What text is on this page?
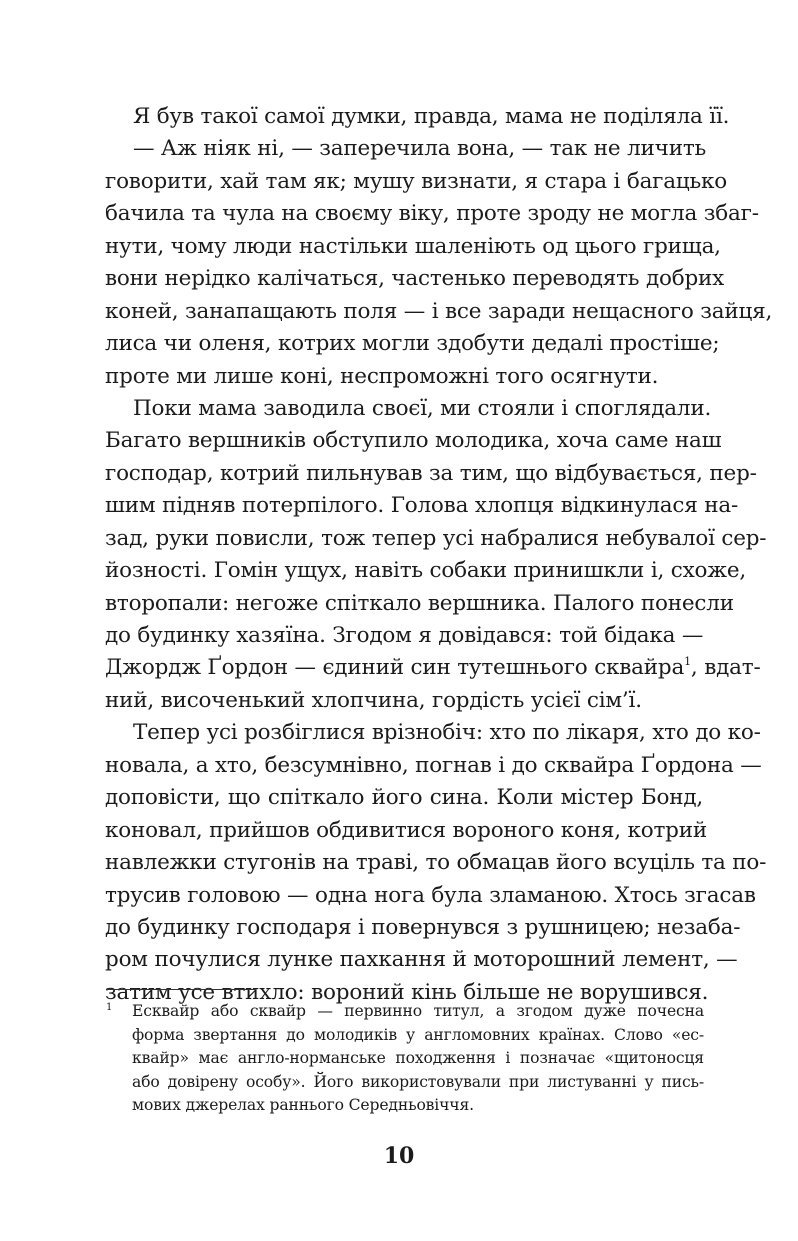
Я був такої самої думки, правда, мама не поділяла її.
— Аж ніяк ні, — заперечила вона, — так не личить
говорити, хай там як; мушу визнати, я стара і багацько
бачила та чула на своєму віку, проте зроду не могла збаг-
нути, чому люди настільки шаленіють од цього грища,
вони нерідко калічаться, частенько переводять добрих
коней, занапащають поля — і все заради нещасного зайця,
лиса чи оленя, котрих могли здобути дедалі простіше;
проте ми лише коні, неспроможні того осягнути.
Поки мама заводила своєї, ми стояли і споглядали.
Багато вершників обступило молодика, хоча саме наш
господар, котрий пильнував за тим, що відбувається, пер-
шим підняв потерпілого. Голова хлопця відкинулася на-
зад, руки повисли, тож тепер усі набралися небувалої сер-
йозності. Гомін ущух, навіть собаки принишкли і, схоже,
второпали: негоже спіткало вершника. Палого понесли
до будинку хазяїна. Згодом я довідався: той бідака —
Джордж Ґордон — єдиний син тутешнього сквайра$^1$, вдат-
ний, височенький хлопчина, гордість усієї сім’ї.
Тепер усі розбіглися врізнобіч: хто по лікаря, хто до ко-
новала, а хто, безсумнівно, погнав і до сквайра Ґордона —
доповісти, що спіткало його сина. Коли містер Бонд,
коновал, прийшов обдивитися вороного коня, котрий
навлежки стугонів на траві, то обмацав його всуціль та по-
трусив головою — одна нога була зламаною. Хтось згасав
до будинку господаря і повернувся з рушницею; незаба-
ром почулися лунке пахкання й моторошний лемент, —
затим усе втихло: вороний кінь більше не ворушився.
1	Есквайр або сквайр — первинно титул, а згодом дуже почесна
форма звертання до молодиків у англомовних країнах. Слово «ес-
квайр» має англо-норманське походження і позначає «щитоносця
або довірену особу». Його використовували при листуванні у пись-
мових джерелах раннього Середньовіччя.
10
